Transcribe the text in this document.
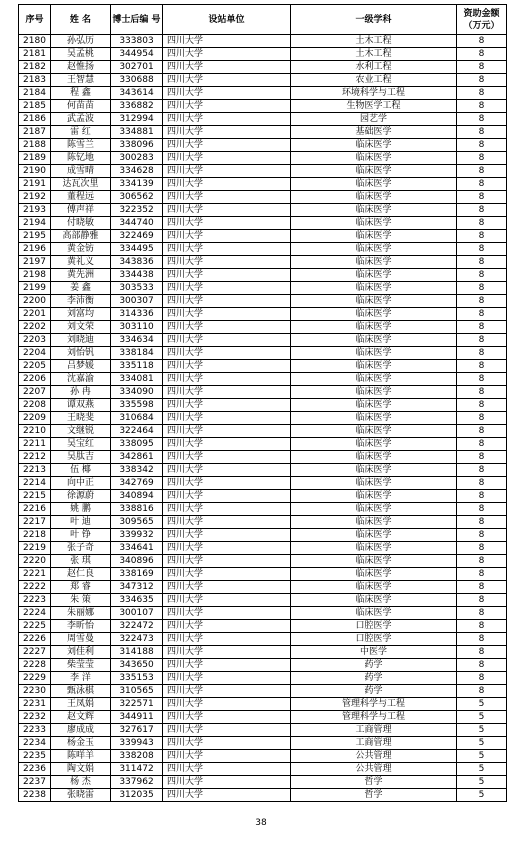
序号	姓 名	博士后编 号	设站单位	一级学科	资助金额（万元）
2180	孙弘历	333803	四川大学	土木工程	8
2181	吴孟桃	344954	四川大学	土木工程	8
2182	赵惟扬	302701	四川大学	水利工程	8
2183	王智慧	330688	四川大学	农业工程	8
2184	程 鑫	343614	四川大学	环境科学与工程	8
2185	何苗苗	336882	四川大学	生物医学工程	8
2186	武孟波	312994	四川大学	园艺学	8
2187	雷 红	334881	四川大学	基础医学	8
2188	陈雪兰	338096	四川大学	临床医学	8
2189	陈钇地	300283	四川大学	临床医学	8
2190	成雪晴	334628	四川大学	临床医学	8
2191	达瓦次里	334139	四川大学	临床医学	8
2192	董程远	306562	四川大学	临床医学	8
2193	傅声祥	322352	四川大学	临床医学	8
2194	付晓敏	344740	四川大学	临床医学	8
2195	高部静雅	322469	四川大学	临床医学	8
2196	黄金钫	334495	四川大学	临床医学	8
2197	黄礼义	343836	四川大学	临床医学	8
2198	黄先洲	334438	四川大学	临床医学	8
2199	姜 鑫	303533	四川大学	临床医学	8
2200	李沛衡	300307	四川大学	临床医学	8
2201	刘富均	314336	四川大学	临床医学	8
2202	刘文荣	303110	四川大学	临床医学	8
2203	刘晓迪	334634	四川大学	临床医学	8
2204	刘怡钒	338184	四川大学	临床医学	8
2205	吕梦媛	335118	四川大学	临床医学	8
2206	沈嘉渝	334081	四川大学	临床医学	8
2207	孙 冉	334090	四川大学	临床医学	8
2208	谭双燕	335598	四川大学	临床医学	8
2209	王晓斐	310684	四川大学	临床医学	8
2210	文继锐	322464	四川大学	临床医学	8
2211	吴宝红	338095	四川大学	临床医学	8
2212	吴肽吉	342861	四川大学	临床医学	8
2213	伍 椰	338342	四川大学	临床医学	8
2214	向中正	342769	四川大学	临床医学	8
2215	徐源蔚	340894	四川大学	临床医学	8
2216	姚 鹏	338816	四川大学	临床医学	8
2217	叶 迪	309565	四川大学	临床医学	8
2218	叶 铮	339932	四川大学	临床医学	8
2219	张子奇	334641	四川大学	临床医学	8
2220	张 琪	340896	四川大学	临床医学	8
2221	赵仁良	338169	四川大学	临床医学	8
2222	郑 睿	347312	四川大学	临床医学	8
2223	朱 策	334635	四川大学	临床医学	8
2224	朱丽娜	300107	四川大学	临床医学	8
2225	李昕怡	322472	四川大学	口腔医学	8
2226	周雪曼	322473	四川大学	口腔医学	8
2227	刘佳利	314188	四川大学	中医学	8
2228	柴莹莹	343650	四川大学	药学	8
2229	李 洋	335153	四川大学	药学	8
2230	甄泳棋	310565	四川大学	药学	8
2231	王凤娟	322571	四川大学	管理科学与工程	5
2232	赵文辉	344911	四川大学	管理科学与工程	5
2233	廖成成	327617	四川大学	工商管理	5
2234	杨金玉	339943	四川大学	工商管理	5
2235	陈咩羊	338208	四川大学	公共管理	5
2236	陶文娟	311472	四川大学	公共管理	5
2237	杨 杰	337962	四川大学	哲学	5
2238	张晓雷	312035	四川大学	哲学	5
38
